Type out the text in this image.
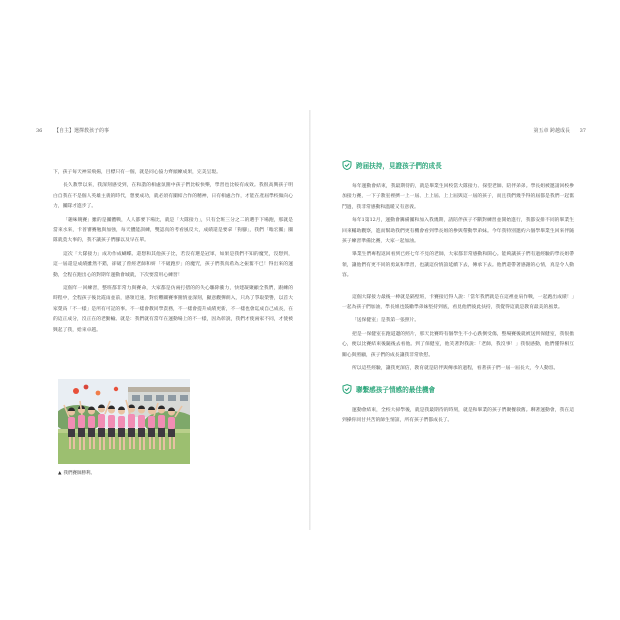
36 【自主】選擇教孩子的事	第五章 跨越成長 37

下，孩子每天神采飛揚，目標只有一個，就是同心協力齊頭練成果，完美呈現。

長久教學以來，我深刻感受到，在和諧的相處氛圍中孩子們比較快樂，學習也比較有成效。我很高興孩子明白自我在不是個人英雄主義的時代，想要成功，就必須有團結合作的精神，日有相處合作，才能在產屆學校做向心力，團隊才進步了。

「趣味競賽」雖的是團體戰，人人都要下場比，就是「大隊接力」，只有全班三分之二的選手下場跑，那就是當來水來，卡普審賽勉與加強，每天體能訓練，雙認真的考看風反大，成績還是要拿「狗腳」，我們「嗡宏團」團隊就莫大事的，我不讓孩子們腳以及早在單。

這次「大隊接力」成功作成蝴蝶。還想和其他孩子比，若沒有選是冠軍，如果是我們不知的魔咒，沒想到，這一屆還是成績雖然不錯，卻破了曾經老師和妍「不破跑步」的魔咒，孩子們我真希為之振奮不已！得出來的運動，全程在跑出心的對期年運動會城就，下次要當用心練習！

這個年一回練習，整班都非常力與賽命，大家都是仿兩打摺的的失心驅除衝力，快建凝聚顧全我們，跟練的時程中，全程孩子後比霞雨並前，感領近速，對於難關賽事圍情並深刻，顯意觀彈朗入，只為了爭取榮譽，以首大家榮爲「不一樣」是所有可記的事。不一樣會教同學責務，不一樣會提升成績更新，不一樣也會迄成自己成長，在的這正成分，沒正在的老勤輸。就是：我們就有當年在運動場上的不一樣，因為彰說，我們才使兩家不同，才使被興起了我，給來卓越。

▲ 我們賽師勝利。
跨届扶持，見證孩子們的成長

每年運動會結束，我最期待的，就是畢業生回校當大隊接力、探望老師、陪伴弟弟。學長姐被邀請回校參加接力賽，一下子教室裡擠一上一屆、上上屆、上上屆與這一屆的孩子，而且我們幾乎得的屆都是我們一起奮鬥過，我非常感動和溫暖又有意義。

每年1第12月，運動會籌備團和加入我幾期，請陪伴孩子不斷對練習並開始進行，我都安排不同的畢業生回來輔助觀察，進而幫助我們更有機會看到學長姐的參與帶動學弟妹。今年我特別邀約六個學畢業生回來伴隨孩子練習準備比賽，大家一起加油。

畢業生們專程返回看到已經七年不見的老師，大家都非常感動和開心。能夠讓孩子們有過經驗的學長姐帶領，讓他們有更不同的勇氣和學習，也讓這份情誼延續下去，傳承下去。他們還帶著感謝的心情，真是令人動容。

這個大隊接力最後一棒就是隔壁班，卡賽接近得人說：「當年我們就是在這裡並肩作戰，一起跑出成績！」一起為孩子們加油，學長姐也鼓勵學弟妹堅持到底，看見他們彼此扶持，我覺得這就是教育最美的風景。

「送保健室」是我第一張照片。

把是一保健室在跑道邊的照片，那天比賽時有個學生不小心跌倒受傷，整場賽後就被送到保健室，我很擔心，便以比賽結束後隨後去看他。到了保健室，他笑著對我說：「老師，我沒事！」我很感動，他們懂得相互關心與照顧，孩子們的成長讓我非常欣慰。

所以這些經驗，讓我更深信，教育就是陪伴與傳承的過程，看著孩子們一屆一屆長大，今人動容。

聯繫感孩子情感的最佳機會

運動會結束，全校大掃學後，就是我最期待的時刻，就是和畢業的孩子們聚餐敘舊。聊著運動會，我在這到操你同甘共苦的師生情誼，所有孩子們都成長了。
